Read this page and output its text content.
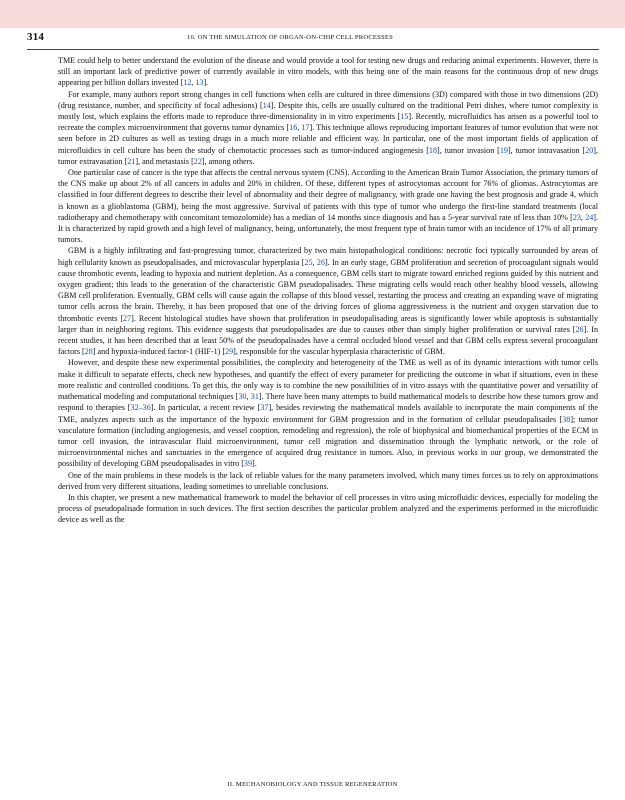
314	16. ON THE SIMULATION OF ORGAN-ON-CHIP CELL PROCESSES

TME could help to better understand the evolution of the disease and would provide a tool for testing new drugs and reducing animal experiments. However, there is still an important lack of predictive power of currently available in vitro models, with this being one of the main reasons for the continuous drop of new drugs appearing per billion dollars invested [12, 13].

For example, many authors report strong changes in cell functions when cells are cultured in three dimensions (3D) compared with those in two dimensions (2D) (drug resistance, number, and specificity of focal adhesions) [14]. Despite this, cells are usually cultured on the traditional Petri dishes, where tumor complexity is mostly lost, which explains the efforts made to reproduce three-dimensionality in in vitro experiments [15]. Recently, microfluidics has arisen as a powerful tool to recreate the complex microenvironment that governs tumor dynamics [16, 17]. This technique allows reproducing important features of tumor evolution that were not seen before in 2D cultures as well as testing drugs in a much more reliable and efficient way. In particular, one of the most important fields of application of microfluidics in cell culture has been the study of chemotactic processes such as tumor-induced angiogenesis [18], tumor invasion [19], tumor intravasation [20], tumor extravasation [21], and metastasis [22], among others.

One particular case of cancer is the type that affects the central nervous system (CNS). According to the American Brain Tumor Association, the primary tumors of the CNS make up about 2% of all cancers in adults and 20% in children. Of these, different types of astrocytomas account for 76% of gliomas. Astrocytomas are classified in four different degrees to describe their level of abnormality and their degree of malignancy, with grade one having the best prognosis and grade 4, which is known as a glioblastoma (GBM), being the most aggressive. Survival of patients with this type of tumor who undergo the first-line standard treatments (local radiotherapy and chemotherapy with concomitant temozolomide) has a median of 14 months since diagnosis and has a 5-year survival rate of less than 10% [23, 24]. It is characterized by rapid growth and a high level of malignancy, being, unfortunately, the most frequent type of brain tumor with an incidence of 17% of all primary tumors.

GBM is a highly infiltrating and fast-progressing tumor, characterized by two main histopathological conditions: necrotic foci typically surrounded by areas of high cellularity known as pseudopalisades, and microvascular hyperplasia [25, 26]. In an early stage, GBM proliferation and secretion of procoagulant signals would cause thrombotic events, leading to hypoxia and nutrient depletion. As a consequence, GBM cells start to migrate toward enriched regions guided by this nutrient and oxygen gradient; this leads to the generation of the characteristic GBM pseudopalisades. These migrating cells would reach other healthy blood vessels, allowing GBM cell proliferation. Eventually, GBM cells will cause again the collapse of this blood vessel, restarting the process and creating an expanding wave of migrating tumor cells across the brain. Thereby, it has been proposed that one of the driving forces of glioma aggressiveness is the nutrient and oxygen starvation due to thrombotic events [27]. Recent histological studies have shown that proliferation in pseudopalisading areas is significantly lower while apoptosis is substantially larger than in neighboring regions. This evidence suggests that pseudopalisades are due to causes other than simply higher proliferation or survival rates [26]. In recent studies, it has been described that at least 50% of the pseudopalisades have a central occluded blood vessel and that GBM cells express several procoagulant factors [28] and hypoxia-induced factor-1 (HIF-1) [29], responsible for the vascular hyperplasia characteristic of GBM.

However, and despite these new experimental possibilities, the complexity and heterogeneity of the TME as well as of its dynamic interactions with tumor cells make it difficult to separate effects, check new hypotheses, and quantify the effect of every parameter for predicting the outcome in what if situations, even in these more realistic and controlled conditions. To get this, the only way is to combine the new possibilities of in vitro assays with the quantitative power and versatility of mathematical modeling and computational techniques [30, 31]. There have been many attempts to build mathematical models to describe how these tumors grow and respond to therapies [32–36]. In particular, a recent review [37], besides reviewing the mathematical models available to incorporate the main components of the TME, analyzes aspects such as the importance of the hypoxic environment for GBM progression and in the formation of cellular pseudopalisades [38]; tumor vasculature formation (including angiogenesis, and vessel cooption, remodeling and regression), the role of biophysical and biomechanical properties of the ECM in tumor cell invasion, the intravascular fluid microenvironment, tumor cell migration and dissemination through the lymphatic network, or the role of microenvironmental niches and sanctuaries in the emergence of acquired drug resistance in tumors. Also, in previous works in our group, we demonstrated the possibility of developing GBM pseudopalisades in vitro [39].

One of the main problems in these models is the lack of reliable values for the many parameters involved, which many times forces us to rely on approximations derived from very different situations, leading sometimes to unreliable conclusions.

In this chapter, we present a new mathematical framework to model the behavior of cell processes in vitro using microfluidic devices, especially for modeling the process of pseudopalisade formation in such devices. The first section describes the particular problem analyzed and the experiments performed in the microfluidic device as well as the

II. MECHANOBIOLOGY AND TISSUE REGENERATION
